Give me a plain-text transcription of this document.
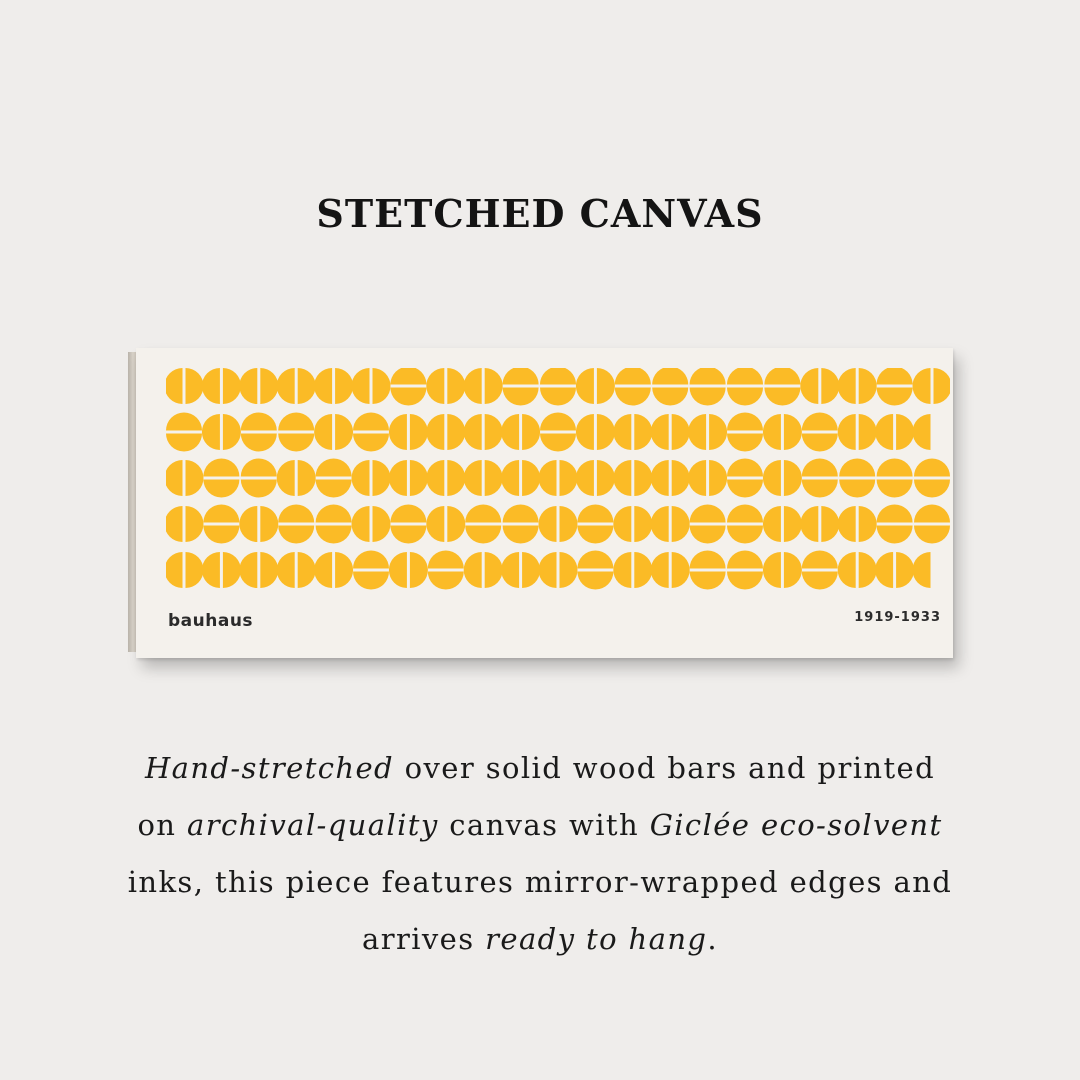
STETCHED CANVAS
bauhaus	1919-1933

Hand-stretched over solid wood bars and printed
on archival-quality canvas with Giclée eco-solvent
inks, this piece features mirror-wrapped edges and
arrives ready to hang.
